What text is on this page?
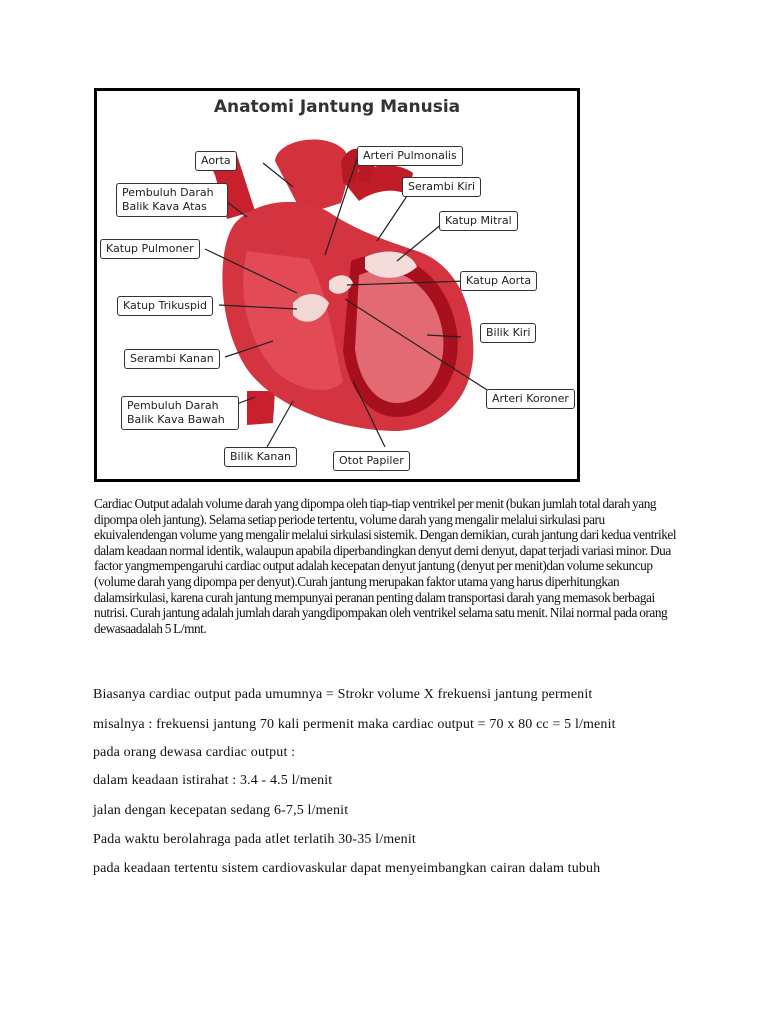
Anatomi Jantung Manusia
Aorta
Pembuluh Darah
Balik Kava Atas
Katup Pulmoner
Katup Trikuspid
Serambi Kanan
Pembuluh Darah
Balik Kava Bawah
Bilik Kanan	Otot Papiler
Arteri Pulmonalis
Serambi Kiri
Katup Mitral
Katup Aorta
Bilik Kiri
Arteri Koroner

Cardiac Output adalah volume darah yang dipompa oleh tiap-tiap ventrikel per menit (bukan jumlah total darah yang dipompa oleh jantung). Selama setiap periode tertentu, volume darah yang mengalir melalui sirkulasi paru ekuivalendengan volume yang mengalir melalui sirkulasi sistemik. Dengan demikian, curah jantung dari kedua ventrikel dalam keadaan normal identik, walaupun apabila diperbandingkan denyut demi denyut, dapat terjadi variasi minor. Dua factor yangmempengaruhi cardiac output adalah kecepatan denyut jantung (denyut per menit)dan volume sekuncup (volume darah yang dipompa per denyut).Curah jantung merupakan faktor utama yang harus diperhitungkan dalamsirkulasi, karena curah jantung mempunyai peranan penting dalam transportasi darah yang memasok berbagai nutrisi. Curah jantung adalah jumlah darah yangdipompakan oleh ventrikel selama satu menit. Nilai normal pada orang dewasaadalah 5 L/mnt.

Biasanya cardiac output pada umumnya = Strokr volume X frekuensi jantung permenit
misalnya : frekuensi jantung 70 kali permenit maka cardiac output = 70 x 80 cc = 5 l/menit
pada orang dewasa cardiac output :
dalam keadaan istirahat : 3.4 - 4.5 l/menit
jalan dengan kecepatan sedang 6-7,5 l/menit
Pada waktu berolahraga pada atlet terlatih 30-35 l/menit
pada keadaan tertentu sistem cardiovaskular dapat menyeimbangkan cairan dalam tubuh
